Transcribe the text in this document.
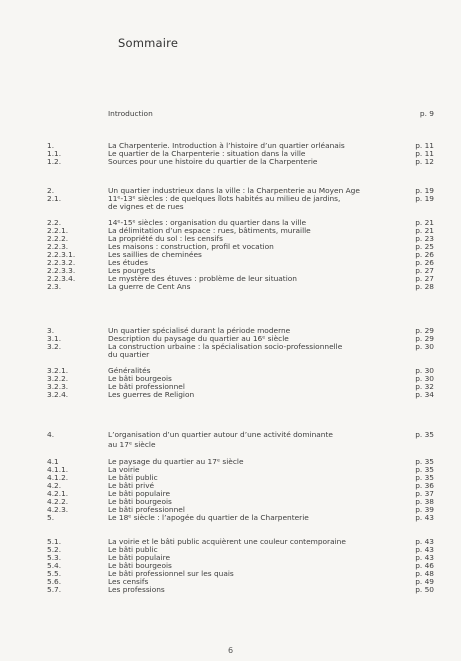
Sommaire
Introduction	p. 9
1.	La Charpenterie. Introduction à l’histoire d’un quartier orléanais	p. 11
1.1.	Le quartier de la Charpenterie : situation dans la ville	p. 11
1.2.	Sources pour une histoire du quartier de la Charpenterie	p. 12
2.	Un quartier industrieux dans la ville : la Charpenterie au Moyen Age	p. 19
2.1.	11ᵉ-13ᵉ siècles : de quelques îlots habités au milieu de jardins,	p. 19
de vignes et de rues
2.2.	14ᵉ-15ᵉ siècles : organisation du quartier dans la ville	p. 21
2.2.1.	La délimitation d’un espace : rues, bâtiments, muraille	p. 21
2.2.2.	La propriété du sol : les censifs	p. 23
2.2.3.	Les maisons : construction, profil et vocation	p. 25
2.2.3.1.	Les saillies de cheminées	p. 26
2.2.3.2.	Les études	p. 26
2.2.3.3.	Les pourgets	p. 27
2.2.3.4.	Le mystère des étuves : problème de leur situation	p. 27
2.3.	La guerre de Cent Ans	p. 28
3.	Un quartier spécialisé durant la période moderne	p. 29
3.1.	Description du paysage du quartier au 16ᵉ siècle	p. 29
3.2.	La construction urbaine : la spécialisation socio-professionnelle	p. 30
du quartier
3.2.1.	Généralités	p. 30
3.2.2.	Le bâti bourgeois	p. 30
3.2.3.	Le bâti professionnel	p. 32
3.2.4.	Les guerres de Religion	p. 34
4.	L’organisation d’un quartier autour d’une activité dominante	p. 35
au 17ᵉ siècle
4.1	Le paysage du quartier au 17ᵉ siècle	p. 35
4.1.1.	La voirie	p. 35
4.1.2.	Le bâti public	p. 35
4.2.	Le bâti privé	p. 36
4.2.1.	Le bâti populaire	p. 37
4.2.2.	Le bâti bourgeois	p. 38
4.2.3.	Le bâti professionnel	p. 39
5.	Le 18ᵉ siècle : l’apogée du quartier de la Charpenterie	p. 43
5.1.	La voirie et le bâti public acquièrent une couleur contemporaine	p. 43
5.2.	Le bâti public	p. 43
5.3.	Le bâti populaire	p. 43
5.4.	Le bâti bourgeois	p. 46
5.5.	Le bâti professionnel sur les quais	p. 48
5.6.	Les censifs	p. 49
5.7.	Les professions	p. 50
6
